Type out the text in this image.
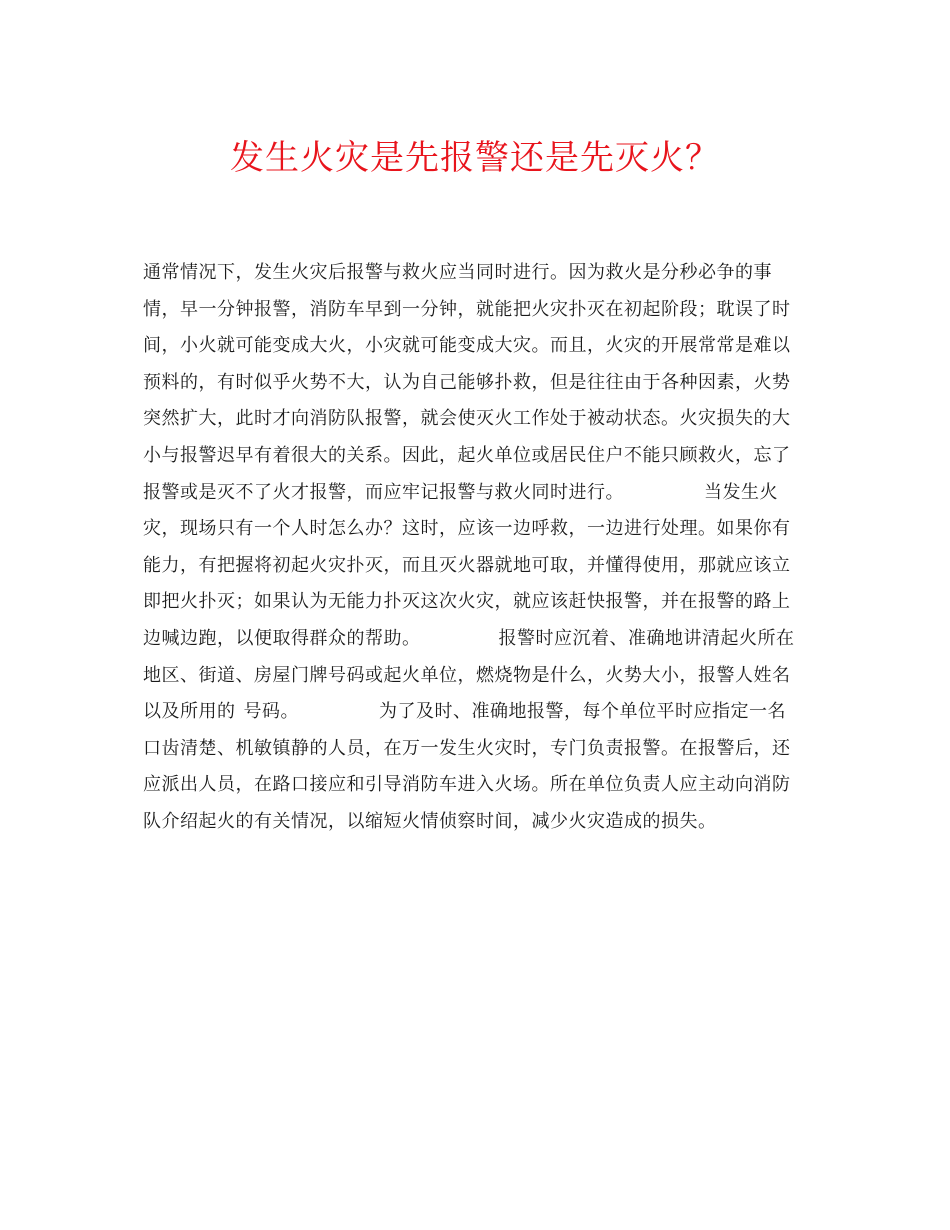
发生火灾是先报警还是先灭火？
通常情况下，发生火灾后报警与救火应当同时进行。因为救火是分秒必争的事
情，早一分钟报警，消防车早到一分钟，就能把火灾扑灭在初起阶段；耽误了时
间，小火就可能变成大火，小灾就可能变成大灾。而且，火灾的开展常常是难以
预料的，有时似乎火势不大，认为自己能够扑救，但是往往由于各种因素，火势
突然扩大，此时才向消防队报警，就会使灭火工作处于被动状态。火灾损失的大
小与报警迟早有着很大的关系。因此，起火单位或居民住户不能只顾救火，忘了
报警或是灭不了火才报警，而应牢记报警与救火同时进行。	当发生火
灾，现场只有一个人时怎么办？这时，应该一边呼救，一边进行处理。如果你有
能力，有把握将初起火灾扑灭，而且灭火器就地可取，并懂得使用，那就应该立
即把火扑灭；如果认为无能力扑灭这次火灾，就应该赶快报警，并在报警的路上
边喊边跑，以便取得群众的帮助。	报警时应沉着、准确地讲清起火所在
地区、街道、房屋门牌号码或起火单位，燃烧物是什么，火势大小，报警人姓名
以及所用的 号码。	为了及时、准确地报警，每个单位平时应指定一名
口齿清楚、机敏镇静的人员，在万一发生火灾时，专门负责报警。在报警后，还
应派出人员，在路口接应和引导消防车进入火场。所在单位负责人应主动向消防
队介绍起火的有关情况，以缩短火情侦察时间，减少火灾造成的损失。
